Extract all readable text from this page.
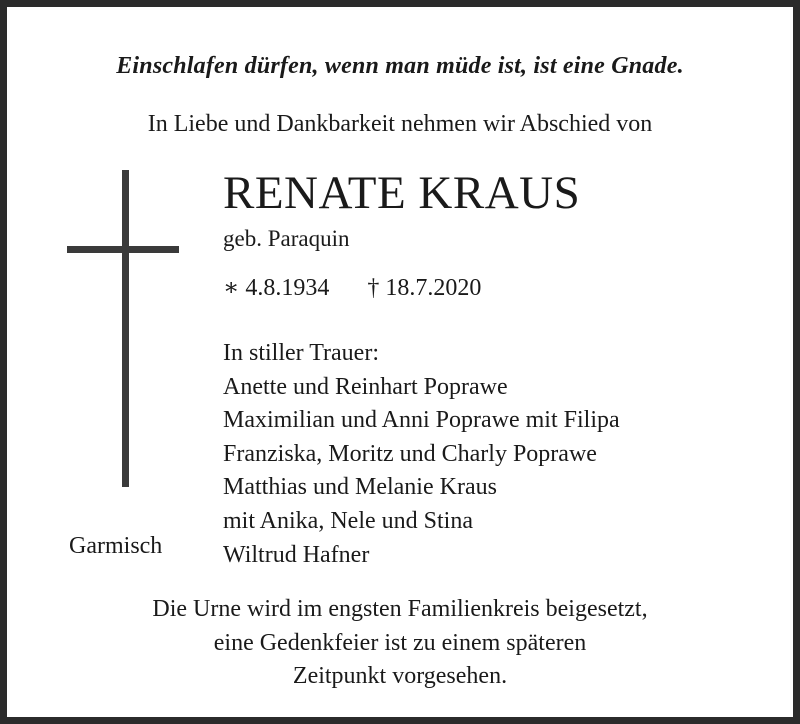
Einschlafen dürfen, wenn man müde ist, ist eine Gnade.
In Liebe und Dankbarkeit nehmen wir Abschied von
RENATE KRAUS
geb. Paraquin
∗ 4.8.1934 † 18.7.2020
In stiller Trauer:
Anette und Reinhart Poprawe
Maximilian und Anni Poprawe mit Filipa
Franziska, Moritz und Charly Poprawe
Matthias und Melanie Kraus
mit Anika, Nele und Stina
Wiltrud Hafner
Garmisch
Die Urne wird im engsten Familienkreis beigesetzt,
eine Gedenkfeier ist zu einem späteren
Zeitpunkt vorgesehen.
